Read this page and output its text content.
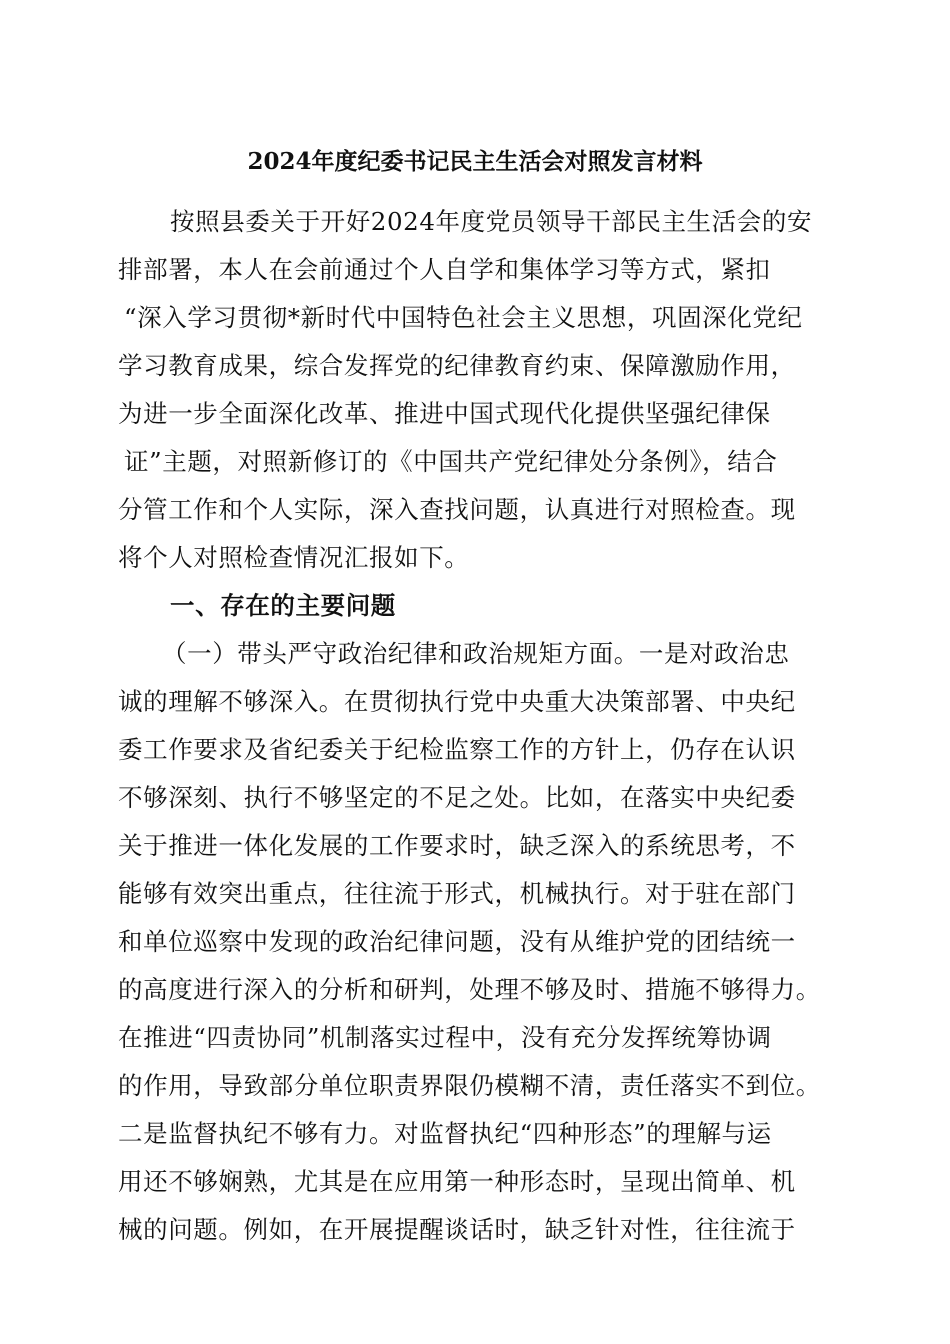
2024年度纪委书记民主生活会对照发言材料
按照县委关于开好2024年度党员领导干部民主生活会的安
排部署，本人在会前通过个人自学和集体学习等方式，紧扣
“深入学习贯彻*新时代中国特色社会主义思想，巩固深化党纪
学习教育成果，综合发挥党的纪律教育约束、保障激励作用，
为进一步全面深化改革、推进中国式现代化提供坚强纪律保
证”主题，对照新修订的《中国共产党纪律处分条例》，结合
分管工作和个人实际，深入查找问题，认真进行对照检查。现
将个人对照检查情况汇报如下。
一、存在的主要问题
（一）带头严守政治纪律和政治规矩方面。一是对政治忠
诚的理解不够深入。在贯彻执行党中央重大决策部署、中央纪
委工作要求及省纪委关于纪检监察工作的方针上，仍存在认识
不够深刻、执行不够坚定的不足之处。比如，在落实中央纪委
关于推进一体化发展的工作要求时，缺乏深入的系统思考，不
能够有效突出重点，往往流于形式，机械执行。对于驻在部门
和单位巡察中发现的政治纪律问题，没有从维护党的团结统一
的高度进行深入的分析和研判，处理不够及时、措施不够得力。
在推进“四责协同”机制落实过程中，没有充分发挥统筹协调
的作用，导致部分单位职责界限仍模糊不清，责任落实不到位。
二是监督执纪不够有力。对监督执纪“四种形态”的理解与运
用还不够娴熟，尤其是在应用第一种形态时，呈现出简单、机
械的问题。例如，在开展提醒谈话时，缺乏针对性，往往流于
